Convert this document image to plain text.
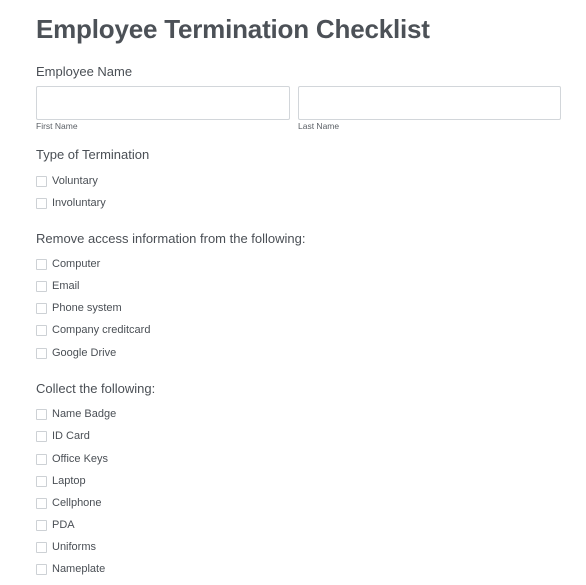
Employee Termination Checklist
Employee Name
First Name	Last Name
Type of Termination
Voluntary
Involuntary
Remove access information from the following:
Computer
Email
Phone system
Company creditcard
Google Drive
Collect the following:
Name Badge
ID Card
Office Keys
Laptop
Cellphone
PDA
Uniforms
Nameplate
